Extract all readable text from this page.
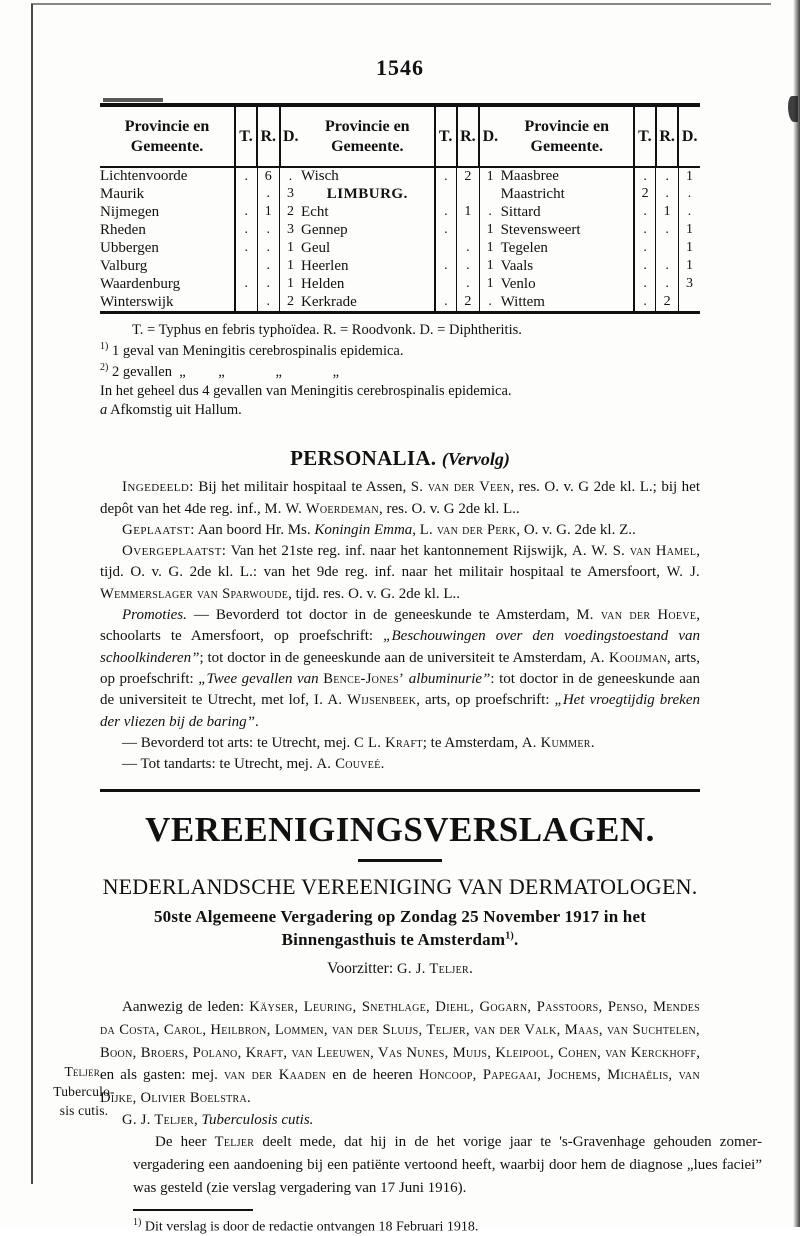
1546
Provincie en
Gemeente.	T.	R.	D.	Provincie en
Gemeente.	T.	R.	D.	Provincie en
Gemeente.	T.	R.	D.
Lichtenvoorde	.	6	.	Wisch	.	2	1	Maasbree	.	.	1
Maurik		.	3	LIMBURG.				Maastricht	2	.	.
Nijmegen	.	1	2	Echt	.	1	.	Sittard	.	1	.
Rheden	.	.	3	Gennep	.		1	Stevensweert	.	.	1
Ubbergen	.	.	1	Geul		.	1	Tegelen	.		1
Valburg		.	1	Heerlen	.	.	1	Vaals	.	.	1
Waardenburg	.	.	1	Helden		.	1	Venlo	.	.	3
Winterswijk		.	2	Kerkrade	.	2	.	Wittem	.	2	
T. = Typhus en febris typhoïdea. R. = Roodvonk. D. = Diphtheritis.
$^{1)}$ 1 geval van Meningitis cerebrospinalis epidemica.
$^{2)}$ 2 gevallen  „         „              „              „
In het geheel dus 4 gevallen van Meningitis cerebrospinalis epidemica.
a Afkomstig uit Hallum.
PERSONALIA. (Vervolg)

Ingedeeld: Bij het militair hospitaal te Assen, S. van der Veen, res. O. v. G 2de kl. L.; bij het depôt van het 4de reg. inf., M. W. Woerdeman, res. O. v. G 2de kl. L..

Geplaatst: Aan boord Hr. Ms. Koningin Emma, L. van der Perk, O. v. G. 2de kl. Z..

Overgeplaatst: Van het 21ste reg. inf. naar het kantonnement Rijswijk, A. W. S. van Hamel, tijd. O. v. G. 2de kl. L.: van het 9de reg. inf. naar het militair hospitaal te Amersfoort, W. J. Wemmerslager van Sparwoude, tijd. res. O. v. G. 2de kl. L..

Promoties. — Bevorderd tot doctor in de geneeskunde te Amsterdam, M. van der Hoeve, schoolarts te Amersfoort, op proefschrift: „Beschouwingen over den voedingstoestand van schoolkinderen”; tot doctor in de geneeskunde aan de universiteit te Amsterdam, A. Kooijman, arts, op proefschrift: „Twee gevallen van Bence-Jones’ albuminurie”: tot doctor in de geneeskunde aan de universiteit te Utrecht, met lof, I. A. Wijsenbeek, arts, op proefschrift: „Het vroegtijdig breken der vliezen bij de baring”.

— Bevorderd tot arts: te Utrecht, mej. C L. Kraft; te Amsterdam, A. Kummer.

— Tot tandarts: te Utrecht, mej. A. Couveé.

VEREENIGINGSVERSLAGEN.
NEDERLANDSCHE VEREENIGING VAN DERMATOLOGEN.
50ste Algemeene Vergadering op Zondag 25 November 1917 in het
Binnengasthuis te Amsterdam$^{1)}$.
Voorzitter: G. J. Teljer.
Aanwezig de leden: Käyser, Leuring, Snethlage, Diehl, Gogarn, Passtoors, Penso, Mendes da Costa, Carol, Heilbron, Lommen, van der Sluijs, Teljer, van der Valk, Maas, van Suchtelen, Boon, Broers, Polano, Kraft, van Leeuwen, Vas Nunes, Muijs, Kleipool, Cohen, van Kerckhoff, en als gasten: mej. van der Kaaden en de heeren Honcoop, Papegaai, Jochems, Michaëlis, van Dijke, Olivier Boelstra.
G. J. Teljer, Tuberculosis cutis.
De heer Teljer deelt mede, dat hij in de het vorige jaar te 's-Gravenhage gehouden zomer-vergadering een aandoening bij een patiënte vertoond heeft, waarbij door hem de diagnose „lues faciei” was gesteld (zie verslag vergadering van 17 Juni 1916).
$^{1)}$ Dit verslag is door de redactie ontvangen 18 Februari 1918.
Teljer,
Tuberculo-
sis cutis.
